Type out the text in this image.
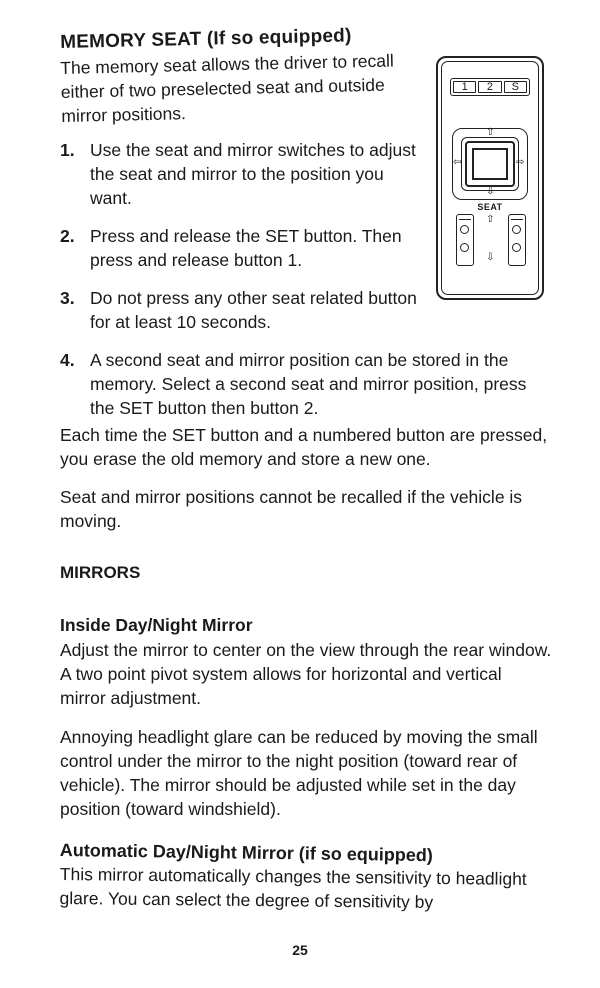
MEMORY SEAT (If so equipped)
The memory seat allows the driver to recall either of two preselected seat and outside mirror positions.
1. Use the seat and mirror switches to adjust the seat and mirror to the position you want.
2. Press and release the SET button. Then press and release button 1.
3. Do not press any other seat related button for at least 10 seconds.
4. A second seat and mirror position can be stored in the memory. Select a second seat and mirror position, press the SET button then button 2.

Each time the SET button and a numbered button are pressed, you erase the old memory and store a new one.

Seat and mirror positions cannot be recalled if the vehicle is moving.

MIRRORS
Inside Day/Night Mirror

Adjust the mirror to center on the view through the rear window. A two point pivot system allows for horizontal and vertical mirror adjustment.

Annoying headlight glare can be reduced by moving the small control under the mirror to the night position (toward rear of vehicle). The mirror should be adjusted while set in the day position (toward windshield).

Automatic Day/Night Mirror (if so equipped)

This mirror automatically changes the sensitivity to headlight glare. You can select the degree of sensitivity by

25
1	2	S
⇧
⇩
⇦	⇨
SEAT
⇧
⇩
